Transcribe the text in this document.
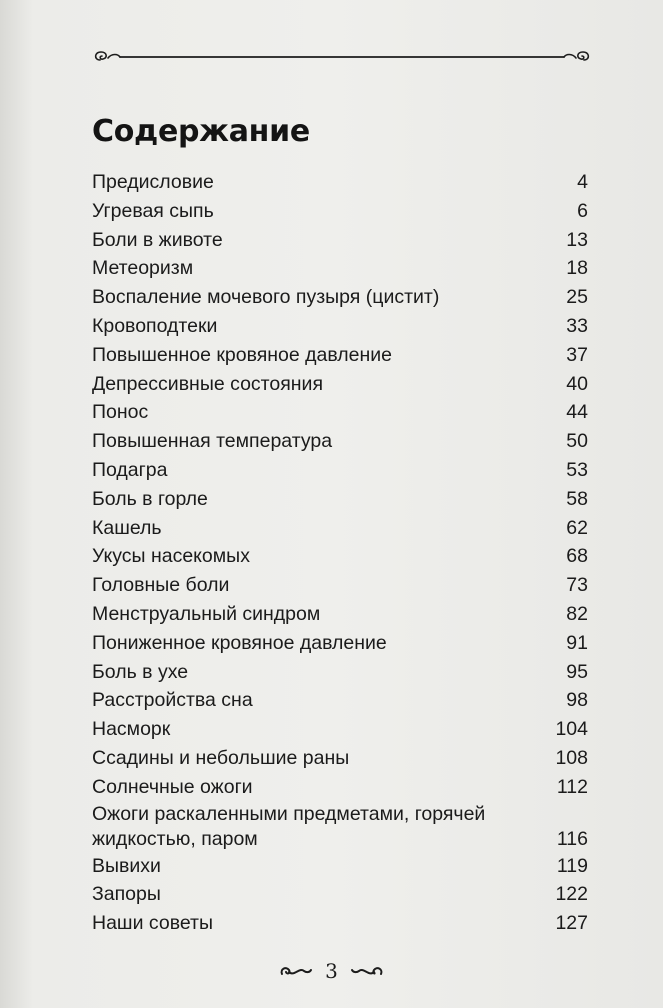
Содержание
Предисловие	4
Угревая сыпь	6
Боли в животе	13
Метеоризм	18
Воспаление мочевого пузыря (цистит)	25
Кровоподтеки	33
Повышенное кровяное давление	37
Депрессивные состояния	40
Понос	44
Повышенная температура	50
Подагра	53
Боль в горле	58
Кашель	62
Укусы насекомых	68
Головные боли	73
Менструальный синдром	82
Пониженное кровяное давление	91
Боль в ухе	95
Расстройства сна	98
Насморк	104
Ссадины и небольшие раны	108
Солнечные ожоги	112
Ожоги раскаленными предметами, горячей
жидкостью, паром	116
Вывихи	119
Запоры	122
Наши советы	127
3
